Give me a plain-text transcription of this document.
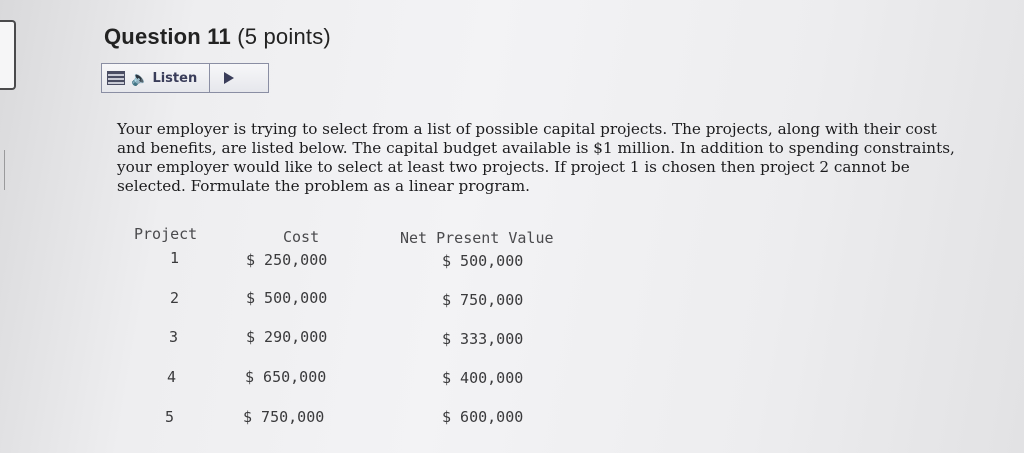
Question 11 (5 points)
🔈 Listen
Your employer is trying to select from a list of possible capital projects. The projects, along with their cost
and benefits, are listed below. The capital budget available is $1 million. In addition to spending constraints,
your employer would like to select at least two projects. If project 1 is chosen then project 2 cannot be
selected. Formulate the problem as a linear program.
Project	Cost	Net Present Value
1	$ 250,000	$ 500,000
2	$ 500,000	$ 750,000
3	$ 290,000	$ 333,000
4	$ 650,000	$ 400,000
5	$ 750,000	$ 600,000
